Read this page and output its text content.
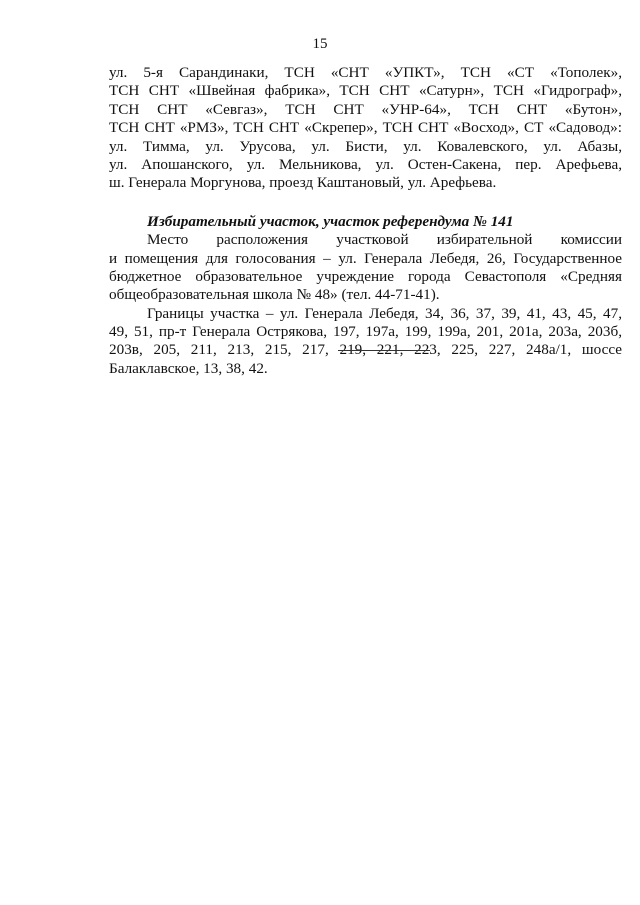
15

ул. 5-я Сарандинаки, ТСН «СНТ «УПКТ», ТСН «СТ «Тополек»,
ТСН СНТ «Швейная фабрика», ТСН СНТ «Сатурн», ТСН «Гидрограф»,
ТСН СНТ «Севгаз», ТСН СНТ «УНР-64», ТСН СНТ «Бутон»,
ТСН СНТ «РМЗ», ТСН СНТ «Скрепер», ТСН СНТ «Восход», СТ «Садовод»:
ул. Тимма, ул. Урусова, ул. Бисти, ул. Ковалевского, ул. Абазы,
ул. Апошанского, ул. Мельникова, ул. Остен-Сакена, пер. Арефьева,
ш. Генерала Моргунова, проезд Каштановый, ул. Арефьева.

Избирательный участок, участок референдума № 141

Место расположения участковой избирательной комиссии
и помещения для голосования – ул. Генерала Лебедя, 26, Государственное
бюджетное образовательное учреждение города Севастополя «Средняя
общеобразовательная школа № 48» (тел. 44-71-41).

Границы участка – ул. Генерала Лебедя, 34, 36, 37, 39, 41, 43, 45, 47,
49, 51, пр-т Генерала Острякова, 197, 197а, 199, 199а, 201, 201а, 203а, 203б,
203в, 205, 211, 213, 215, 217, 219, 221, 223, 225, 227, 248а/1, шоссе
Балаклавское, 13, 38, 42.
